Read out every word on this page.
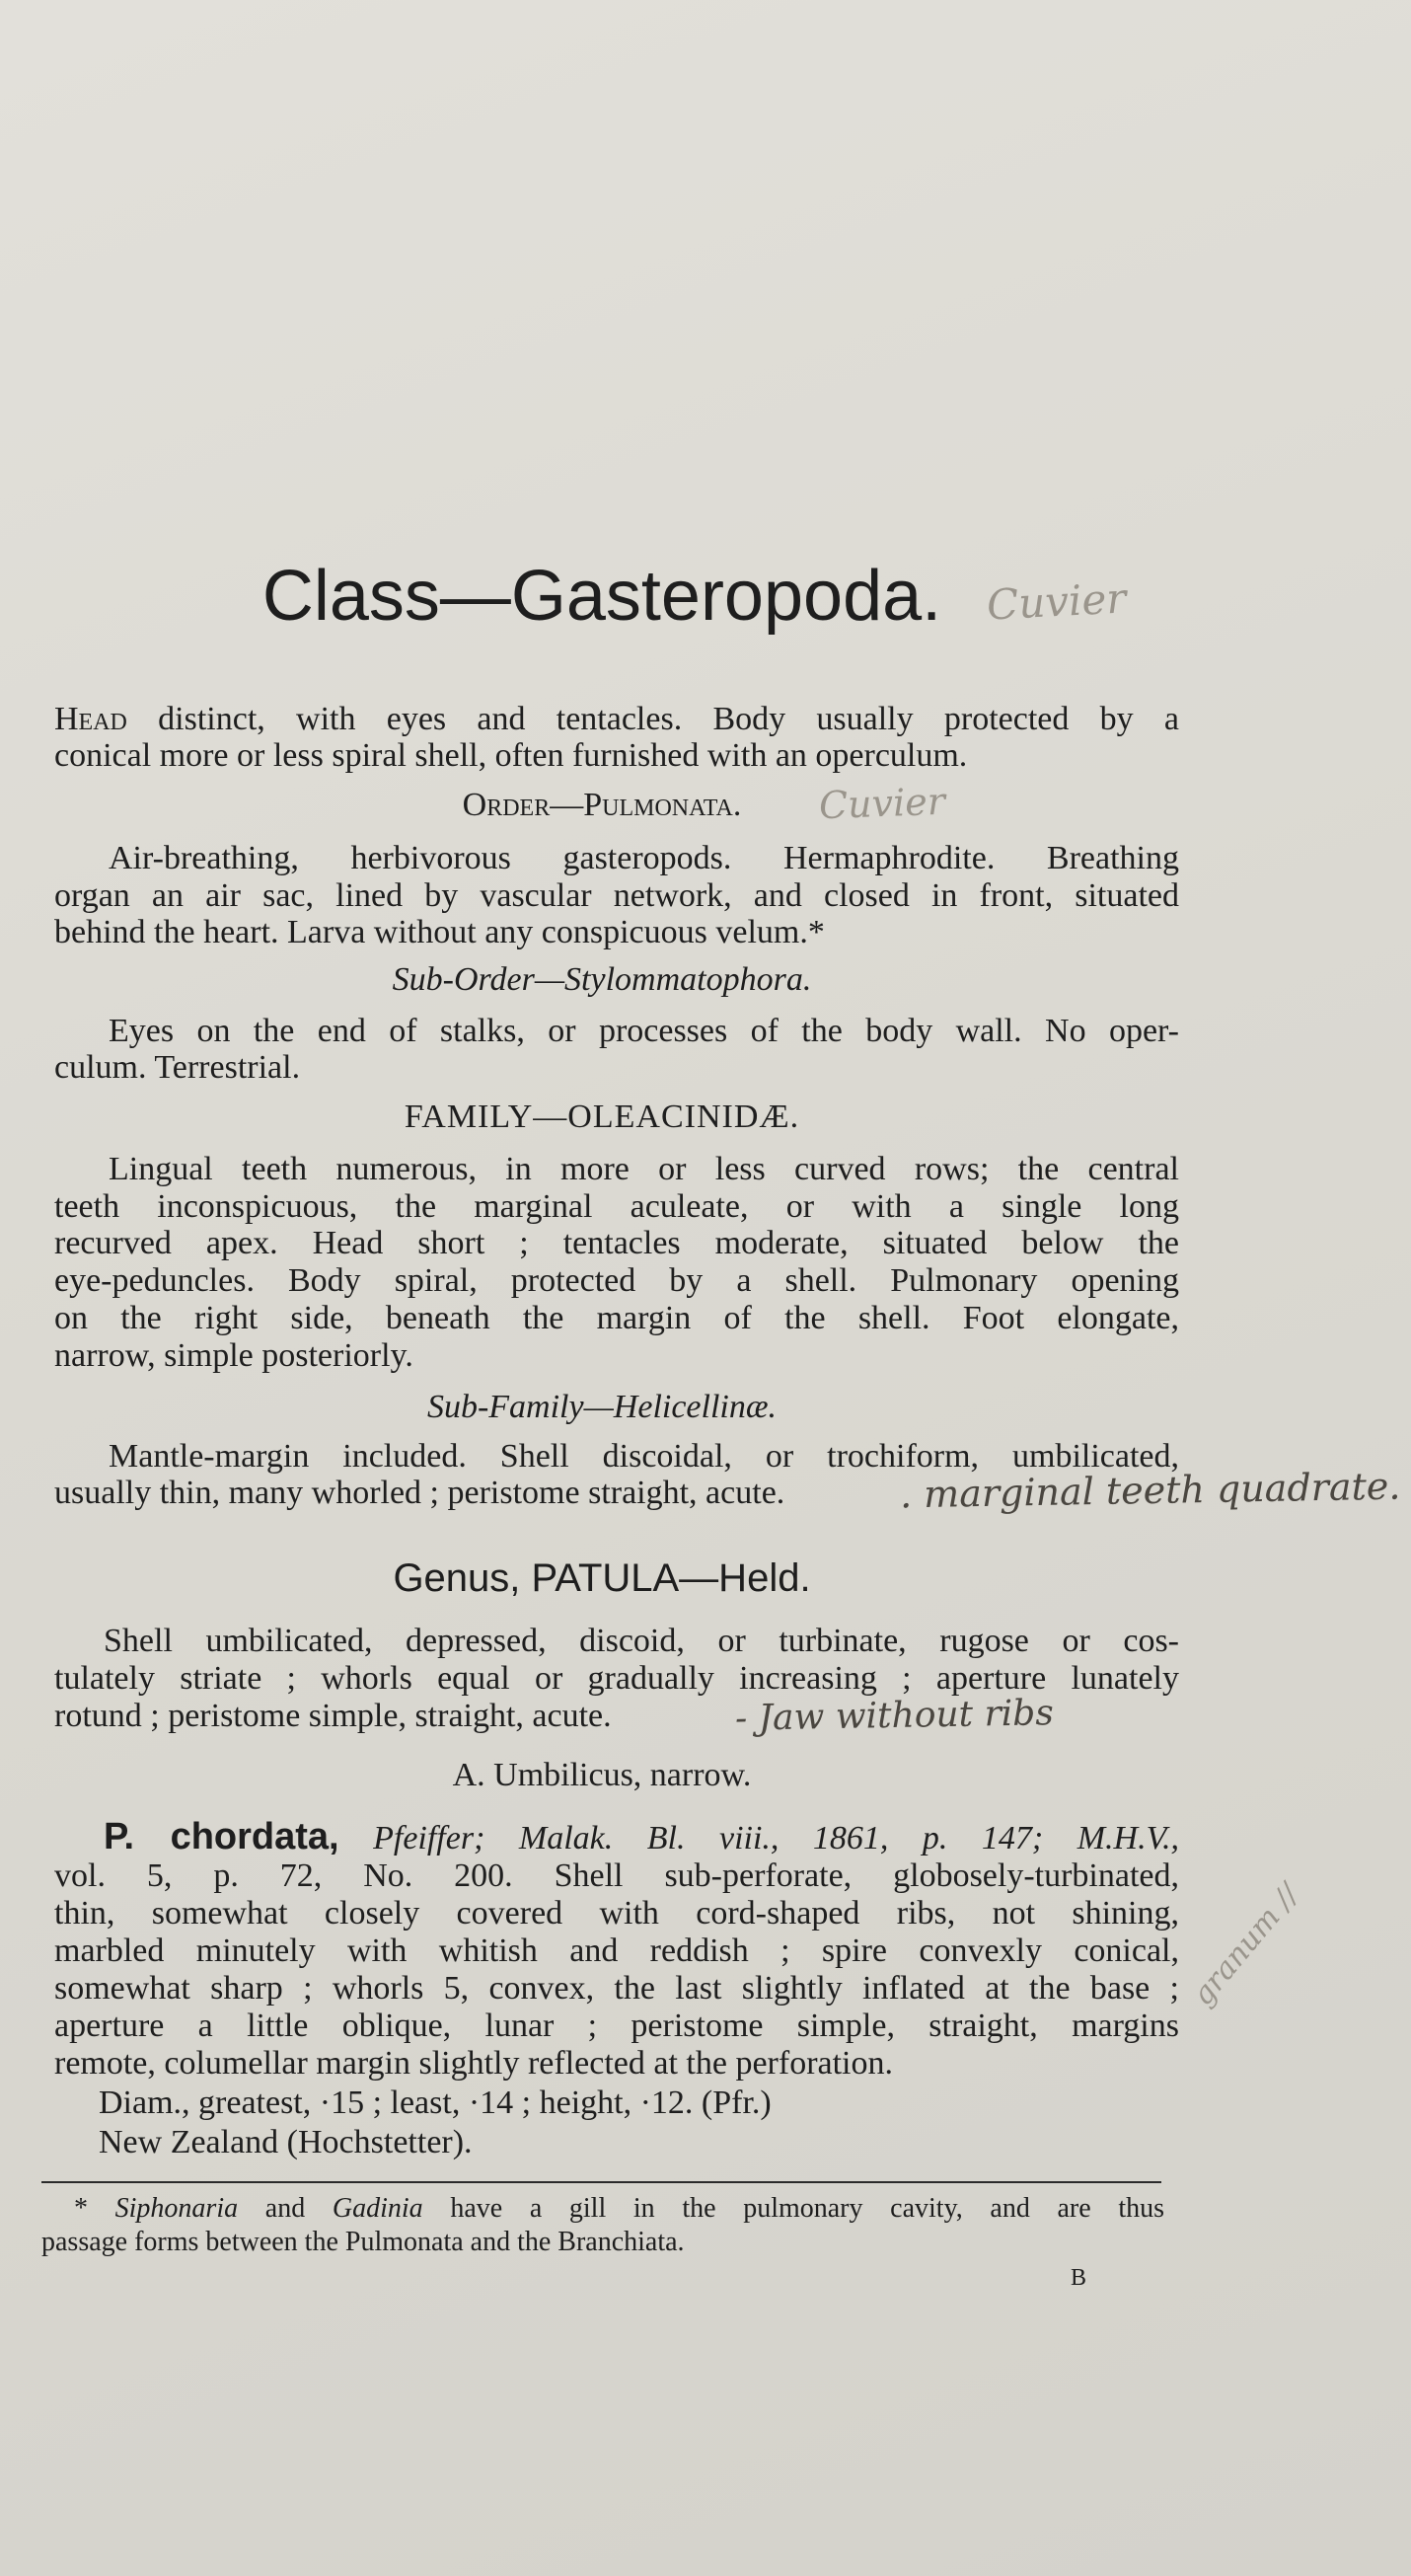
Class—Gasteropoda.	Cuvier
Head distinct, with eyes and tentacles. Body usually protected by a
conical more or less spiral shell, often furnished with an operculum.
Order—Pulmonata.	Cuvier
Air-breathing, herbivorous gasteropods. Hermaphrodite. Breathing
organ an air sac, lined by vascular network, and closed in front, situated
behind the heart. Larva without any conspicuous velum.*
Sub-Order—Stylommatophora.
Eyes on the end of stalks, or processes of the body wall. No oper-
culum. Terrestrial.
FAMILY—OLEACINIDÆ.
Lingual teeth numerous, in more or less curved rows; the central
teeth inconspicuous, the marginal aculeate, or with a single long
recurved apex. Head short ; tentacles moderate, situated below the
eye-peduncles. Body spiral, protected by a shell. Pulmonary opening
on the right side, beneath the margin of the shell. Foot elongate,
narrow, simple posteriorly.
Sub-Family—Helicellinæ.
Mantle-margin included. Shell discoidal, or trochiform, umbilicated,
usually thin, many whorled ; peristome straight, acute.	. marginal teeth quadrate.
Genus, PATULA—Held.
Shell umbilicated, depressed, discoid, or turbinate, rugose or cos-
tulately striate ; whorls equal or gradually increasing ; aperture lunately
rotund ; peristome simple, straight, acute.	- Jaw without ribs
A. Umbilicus, narrow.
P. chordata, Pfeiffer; Malak. Bl. viii., 1861, p. 147; M.H.V.,
vol. 5, p. 72, No. 200. Shell sub-perforate, globosely-turbinated,
thin, somewhat closely covered with cord-shaped ribs, not shining,
marbled minutely with whitish and reddish ; spire convexly conical,
somewhat sharp ; whorls 5, convex, the last slightly inflated at the base ;
aperture a little oblique, lunar ; peristome simple, straight, margins
remote, columellar margin slightly reflected at the perforation.
Diam., greatest, ·15 ; least, ·14 ; height, ·12. (Pfr.)
New Zealand (Hochstetter).
granum //
* Siphonaria and Gadinia have a gill in the pulmonary cavity, and are thus
passage forms between the Pulmonata and the Branchiata.
B
